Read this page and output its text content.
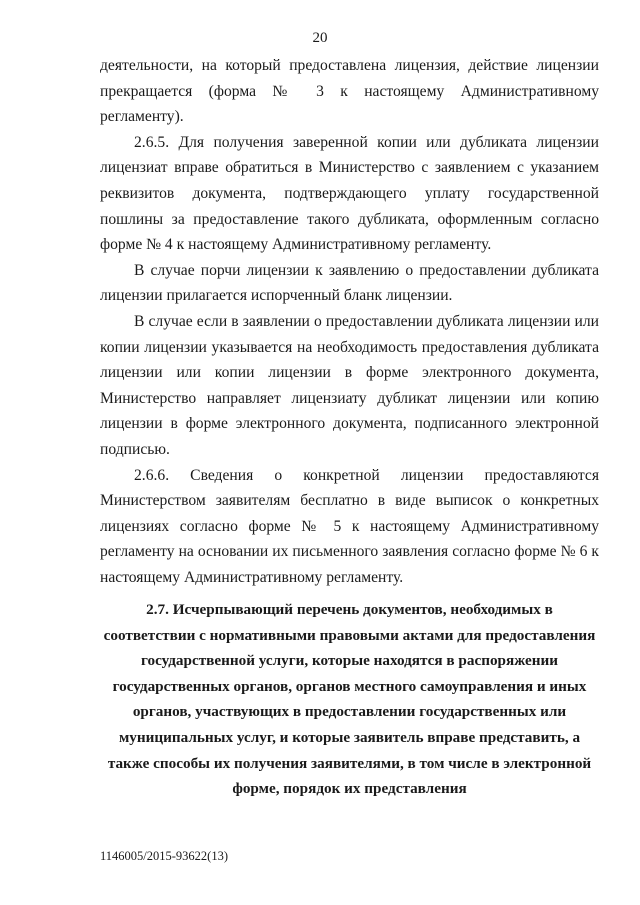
20

деятельности, на который предоставлена лицензия, действие лицензии прекращается (форма № 3 к настоящему Административному регламенту).

2.6.5. Для получения заверенной копии или дубликата лицензии лицензиат вправе обратиться в Министерство с заявлением с указанием реквизитов документа, подтверждающего уплату государственной пошлины за предоставление такого дубликата, оформленным согласно форме № 4 к настоящему Административному регламенту.

В случае порчи лицензии к заявлению о предоставлении дубликата лицензии прилагается испорченный бланк лицензии.

В случае если в заявлении о предоставлении дубликата лицензии или копии лицензии указывается на необходимость предоставления дубликата лицензии или копии лицензии в форме электронного документа, Министерство направляет лицензиату дубликат лицензии или копию лицензии в форме электронного документа, подписанного электронной подписью.

2.6.6. Сведения о конкретной лицензии предоставляются Министерством заявителям бесплатно в виде выписок о конкретных лицензиях согласно форме № 5 к настоящему Административному регламенту на основании их письменного заявления согласно форме № 6 к настоящему Административному регламенту.

2.7. Исчерпывающий перечень документов, необходимых в соответствии с нормативными правовыми актами для предоставления государственной услуги, которые находятся в распоряжении государственных органов, органов местного самоуправления и иных органов, участвующих в предоставлении государственных или муниципальных услуг, и которые заявитель вправе представить, а также способы их получения заявителями, в том числе в электронной форме, порядок их представления

1146005/2015-93622(13)
